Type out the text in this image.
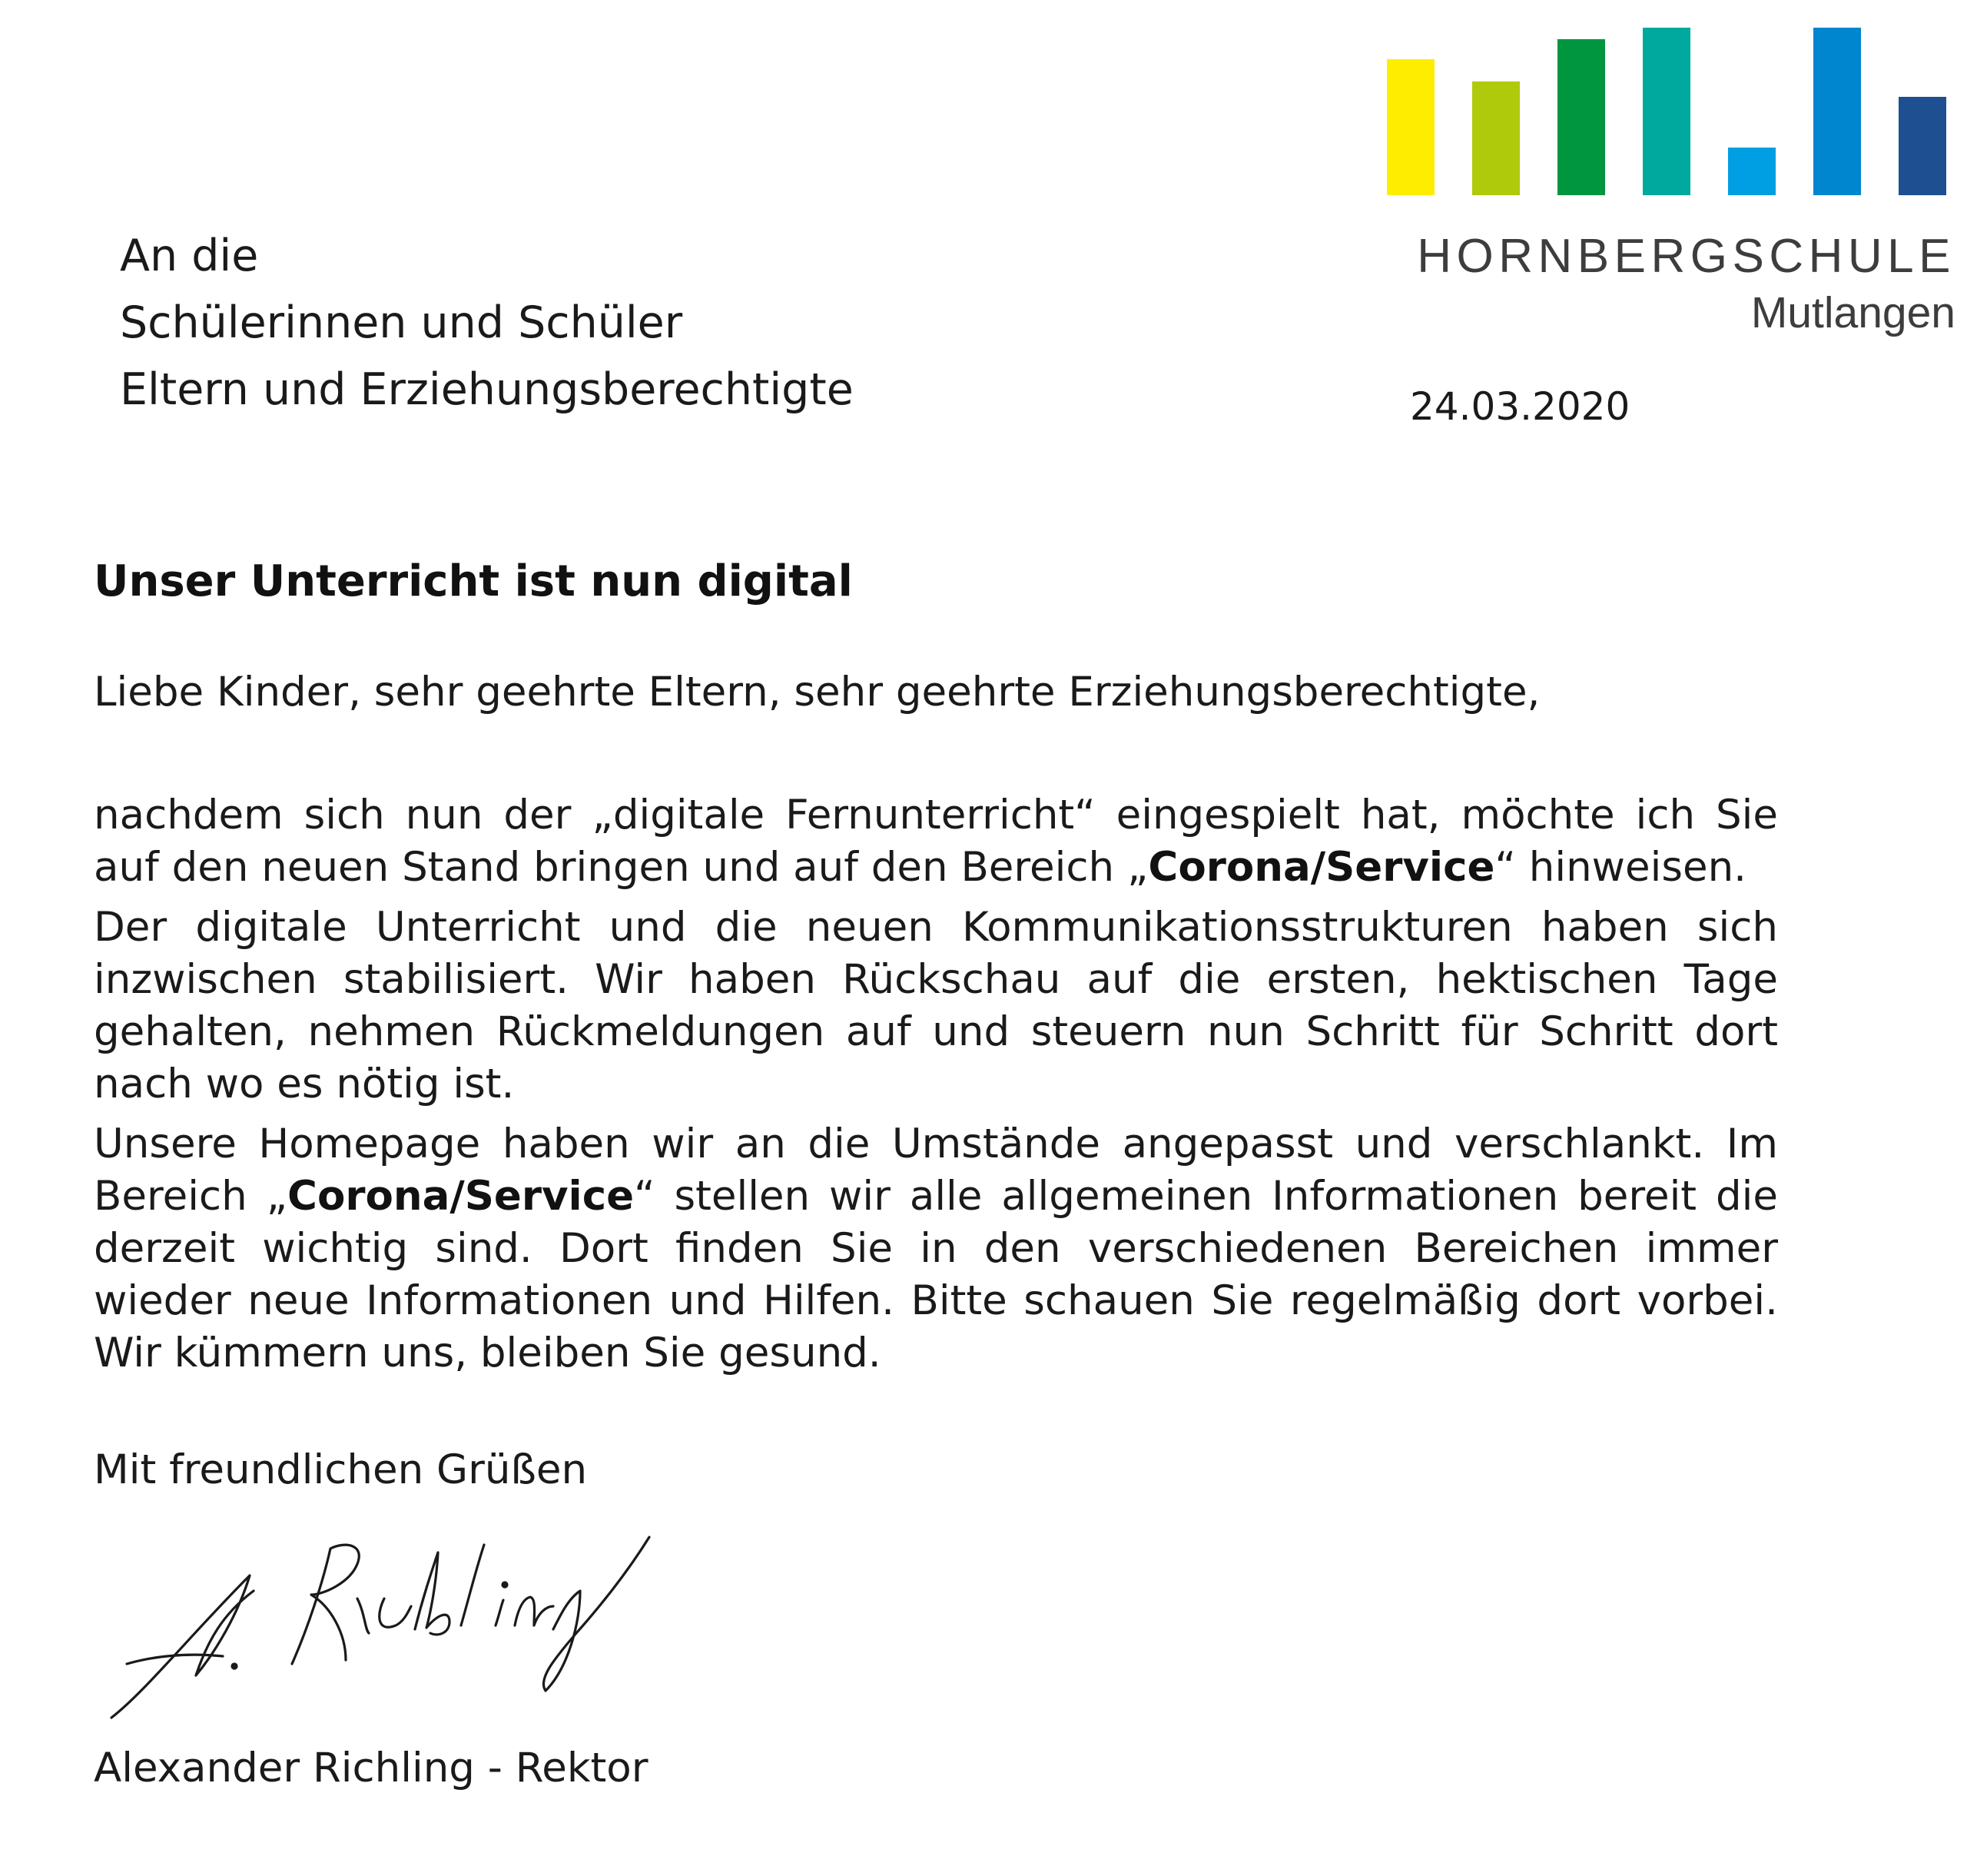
An die
Schülerinnen und Schüler
Eltern und Erziehungsberechtigte
HORNBERGSCHULE
Mutlangen
24.03.2020
Unser Unterricht ist nun digital
Liebe Kinder, sehr geehrte Eltern, sehr geehrte Erziehungsberechtigte,

nachdem sich nun der „digitale Fernunterricht“ eingespielt hat, möchte ich Sie auf den neuen Stand bringen und auf den Bereich „Corona/Service“ hinweisen.

Der digitale Unterricht und die neuen Kommunikationsstrukturen haben sich inzwischen stabilisiert. Wir haben Rückschau auf die ersten, hektischen Tage gehalten, nehmen Rückmeldungen auf und steuern nun Schritt für Schritt dort nach wo es nötig ist.

Unsere Homepage haben wir an die Umstände angepasst und verschlankt. Im Bereich „Corona/Service“ stellen wir alle allgemeinen Informationen bereit die derzeit wichtig sind. Dort finden Sie in den verschiedenen Bereichen immer wieder neue Informationen und Hilfen. Bitte schauen Sie regelmäßig dort vorbei. Wir kümmern uns, bleiben Sie gesund.

Mit freundlichen Grüßen
Alexander Richling - Rektor
